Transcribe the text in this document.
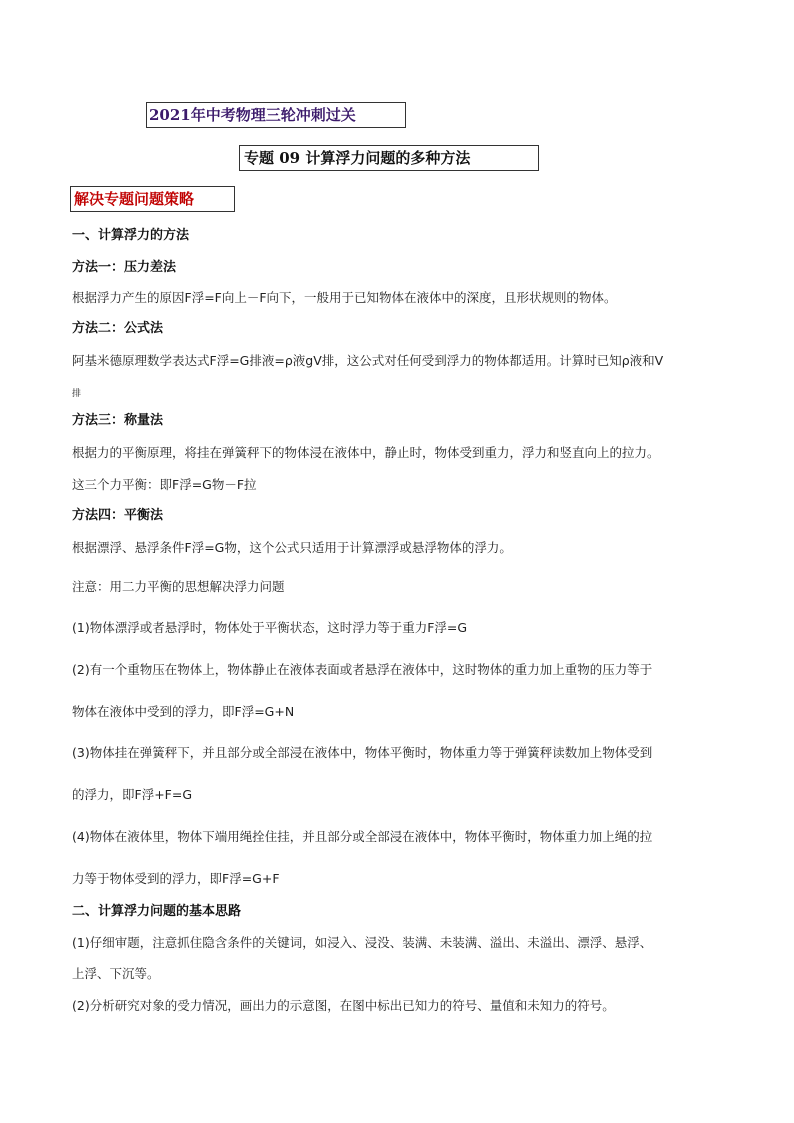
2021年中考物理三轮冲刺过关
专题 09 计算浮力问题的多种方法
解决专题问题策略
一、计算浮力的方法
方法一：压力差法
根据浮力产生的原因F浮=F向上－F向下，一般用于已知物体在液体中的深度，且形状规则的物体。
方法二：公式法
阿基米德原理数学表达式F浮=G排液=ρ液gV排，这公式对任何受到浮力的物体都适用。计算时已知ρ液和V
排
方法三：称量法
根据力的平衡原理，将挂在弹簧秤下的物体浸在液体中，静止时，物体受到重力，浮力和竖直向上的拉力。
这三个力平衡：即F浮=G物－F拉
方法四：平衡法
根据漂浮、悬浮条件F浮=G物，这个公式只适用于计算漂浮或悬浮物体的浮力。
注意：用二力平衡的思想解决浮力问题
(1)物体漂浮或者悬浮时，物体处于平衡状态，这时浮力等于重力F浮=G
(2)有一个重物压在物体上，物体静止在液体表面或者悬浮在液体中，这时物体的重力加上重物的压力等于
物体在液体中受到的浮力，即F浮=G+N
(3)物体挂在弹簧秤下，并且部分或全部浸在液体中，物体平衡时，物体重力等于弹簧秤读数加上物体受到
的浮力，即F浮+F=G
(4)物体在液体里，物体下端用绳拴住挂，并且部分或全部浸在液体中，物体平衡时，物体重力加上绳的拉
力等于物体受到的浮力，即F浮=G+F
二、计算浮力问题的基本思路
(1)仔细审题，注意抓住隐含条件的关键词，如浸入、浸没、装满、未装满、溢出、未溢出、漂浮、悬浮、
上浮、下沉等。
(2)分析研究对象的受力情况，画出力的示意图，在图中标出已知力的符号、量值和未知力的符号。
